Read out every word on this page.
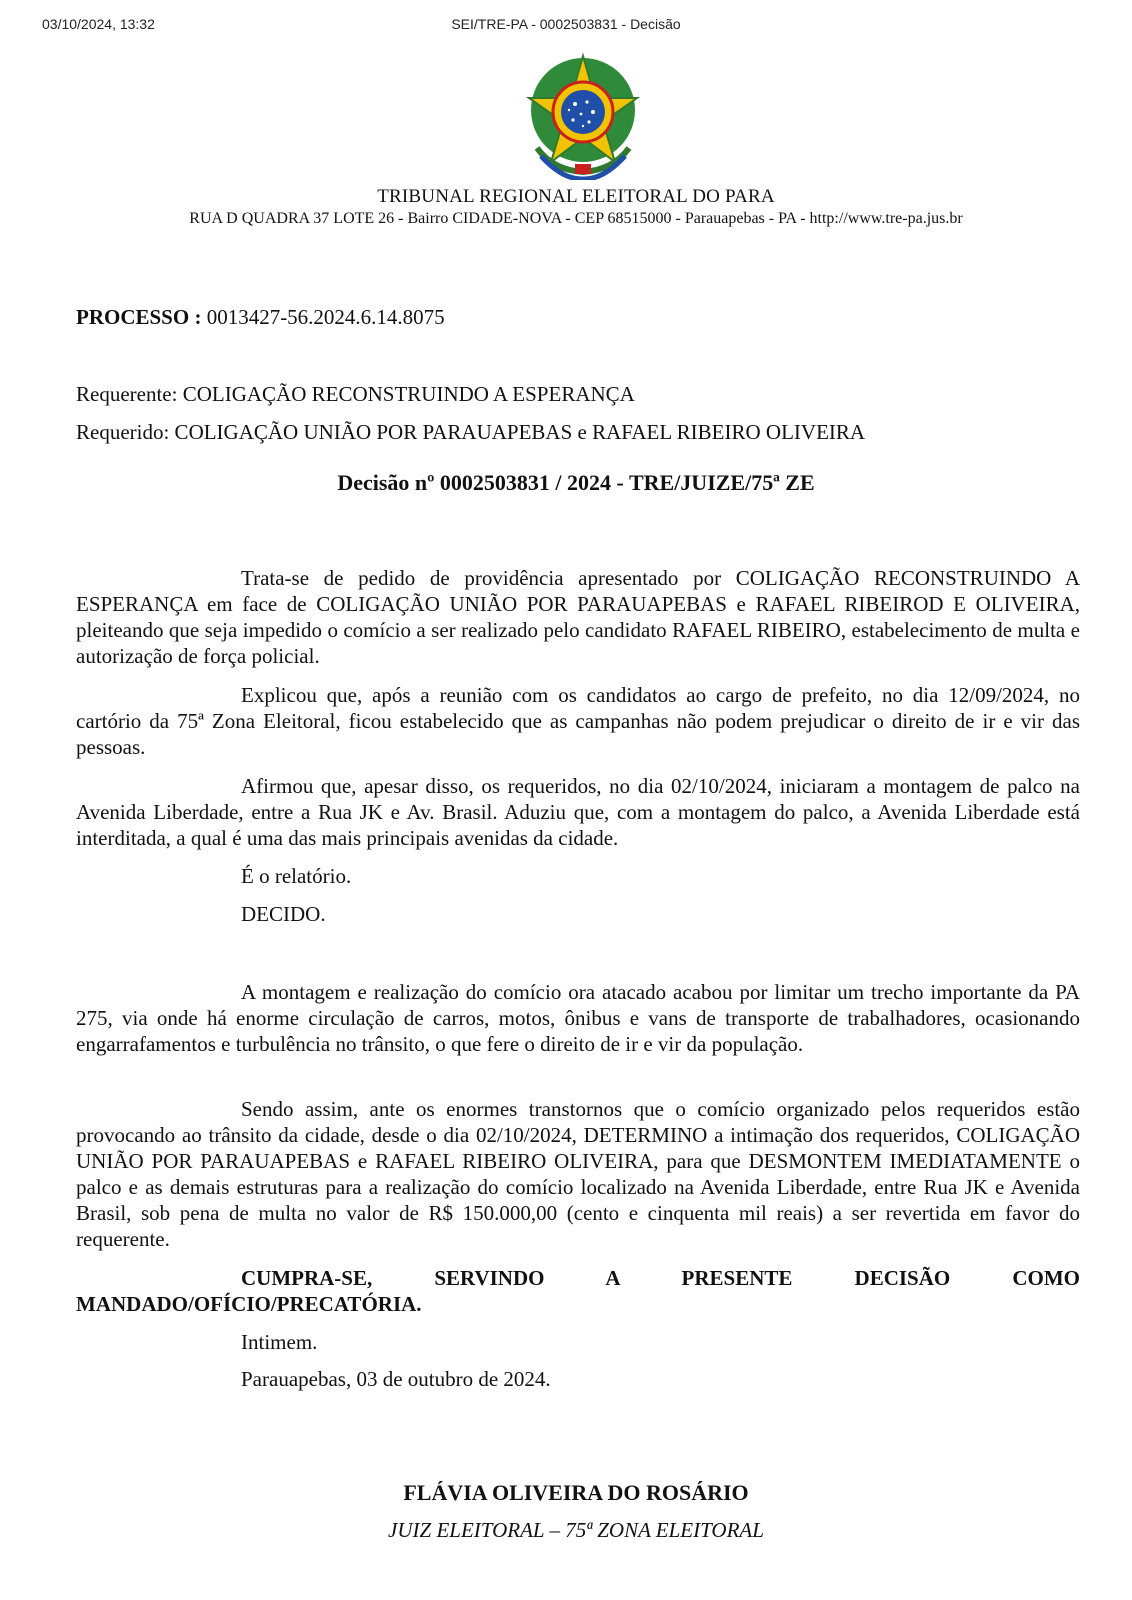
03/10/2024, 13:32	SEI/TRE-PA - 0002503831 - Decisão
TRIBUNAL REGIONAL ELEITORAL DO PARA
RUA D QUADRA 37 LOTE 26 - Bairro CIDADE-NOVA - CEP 68515000 - Parauapebas - PA - http://www.tre-pa.jus.br
PROCESSO : 0013427-56.2024.6.14.8075
Requerente: COLIGAÇÃO RECONSTRUINDO A ESPERANÇA
Requerido: COLIGAÇÃO UNIÃO POR PARAUAPEBAS e RAFAEL RIBEIRO OLIVEIRA
Decisão nº 0002503831 / 2024 - TRE/JUIZE/75ª ZE

Trata-se de pedido de providência apresentado por COLIGAÇÃO RECONSTRUINDO A ESPERANÇA em face de COLIGAÇÃO UNIÃO POR PARAUAPEBAS e RAFAEL RIBEIROD E OLIVEIRA, pleiteando que seja impedido o comício a ser realizado pelo candidato RAFAEL RIBEIRO, estabelecimento de multa e autorização de força policial.

Explicou que, após a reunião com os candidatos ao cargo de prefeito, no dia 12/09/2024, no cartório da 75ª Zona Eleitoral, ficou estabelecido que as campanhas não podem prejudicar o direito de ir e vir das pessoas.

Afirmou que, apesar disso, os requeridos, no dia 02/10/2024, iniciaram a montagem de palco na Avenida Liberdade, entre a Rua JK e Av. Brasil. Aduziu que, com a montagem do palco, a Avenida Liberdade está interditada, a qual é uma das mais principais avenidas da cidade.

É o relatório.
DECIDO.

A montagem e realização do comício ora atacado acabou por limitar um trecho importante da PA 275, via onde há enorme circulação de carros, motos, ônibus e vans de transporte de trabalhadores, ocasionando engarrafamentos e turbulência no trânsito, o que fere o direito de ir e vir da população.

Sendo assim, ante os enormes transtornos que o comício organizado pelos requeridos estão provocando ao trânsito da cidade, desde o dia 02/10/2024, DETERMINO a intimação dos requeridos, COLIGAÇÃO UNIÃO POR PARAUAPEBAS e RAFAEL RIBEIRO OLIVEIRA, para que DESMONTEM IMEDIATAMENTE o palco e as demais estruturas para a realização do comício localizado na Avenida Liberdade, entre Rua JK e Avenida Brasil, sob pena de multa no valor de R$ 150.000,00 (cento e cinquenta mil reais) a ser revertida em favor do requerente.

CUMPRA-SE, SERVINDO A PRESENTE DECISÃO COMO MANDADO/OFÍCIO/PRECATÓRIA.

Intimem.
Parauapebas, 03 de outubro de 2024.
FLÁVIA OLIVEIRA DO ROSÁRIO
JUIZ ELEITORAL – 75ª ZONA ELEITORAL
